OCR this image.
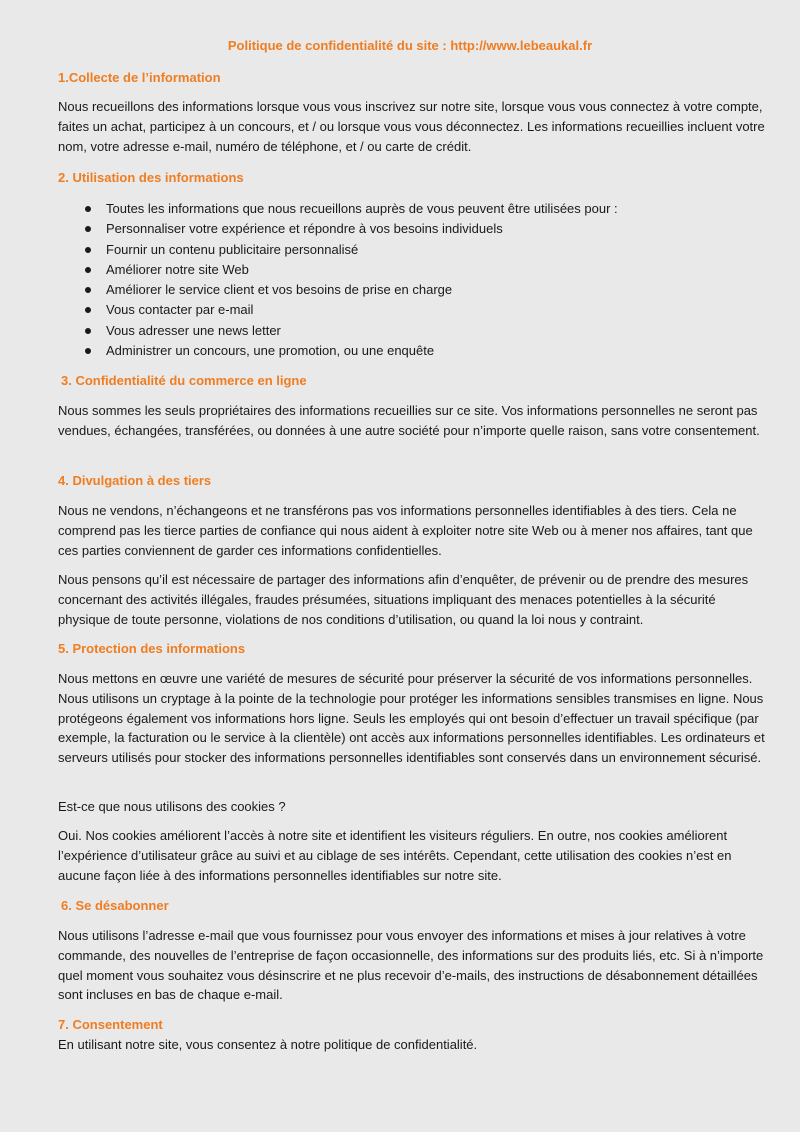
Politique de confidentialité du site : http://www.lebeaukal.fr
1.Collecte de l’information
Nous recueillons des informations lorsque vous vous inscrivez sur notre site, lorsque vous vous connectez à votre compte, faites un achat, participez à un concours, et / ou lorsque vous vous déconnectez. Les informations recueillies incluent votre nom, votre adresse e-mail, numéro de téléphone, et / ou carte de crédit.
2. Utilisation des informations
Toutes les informations que nous recueillons auprès de vous peuvent être utilisées pour :
Personnaliser votre expérience et répondre à vos besoins individuels
Fournir un contenu publicitaire personnalisé
Améliorer notre site Web
Améliorer le service client et vos besoins de prise en charge
Vous contacter par e-mail
Vous adresser une news letter
Administrer un concours, une promotion, ou une enquête
3. Confidentialité du commerce en ligne
Nous sommes les seuls propriétaires des informations recueillies sur ce site. Vos informations personnelles ne seront pas vendues, échangées, transférées, ou données à une autre société pour n’importe quelle raison, sans votre consentement.
4. Divulgation à des tiers
Nous ne vendons, n’échangeons et ne transférons pas vos informations personnelles identifiables à des tiers. Cela ne comprend pas les tierce parties de confiance qui nous aident à exploiter notre site Web ou à mener nos affaires, tant que ces parties conviennent de garder ces informations confidentielles.
Nous pensons qu’il est nécessaire de partager des informations afin d’enquêter, de prévenir ou de prendre des mesures concernant des activités illégales, fraudes présumées, situations impliquant des menaces potentielles à la sécurité physique de toute personne, violations de nos conditions d’utilisation, ou quand la loi nous y contraint.
5. Protection des informations
Nous mettons en œuvre une variété de mesures de sécurité pour préserver la sécurité de vos informations personnelles. Nous utilisons un cryptage à la pointe de la technologie pour protéger les informations sensibles transmises en ligne. Nous protégeons également vos informations hors ligne. Seuls les employés qui ont besoin d’effectuer un travail spécifique (par exemple, la facturation ou le service à la clientèle) ont accès aux informations personnelles identifiables. Les ordinateurs et serveurs utilisés pour stocker des informations personnelles identifiables sont conservés dans un environnement sécurisé.
Est-ce que nous utilisons des cookies ?
Oui. Nos cookies améliorent l’accès à notre site et identifient les visiteurs réguliers. En outre, nos cookies améliorent l’expérience d’utilisateur grâce au suivi et au ciblage de ses intérêts. Cependant, cette utilisation des cookies n’est en aucune façon liée à des informations personnelles identifiables sur notre site.
6. Se désabonner
Nous utilisons l’adresse e-mail que vous fournissez pour vous envoyer des informations et mises à jour relatives à votre commande, des nouvelles de l’entreprise de façon occasionnelle, des informations sur des produits liés, etc. Si à n’importe quel moment vous souhaitez vous désinscrire et ne plus recevoir d’e-mails, des instructions de désabonnement détaillées sont incluses en bas de chaque e-mail.
7. Consentement
En utilisant notre site, vous consentez à notre politique de confidentialité.
